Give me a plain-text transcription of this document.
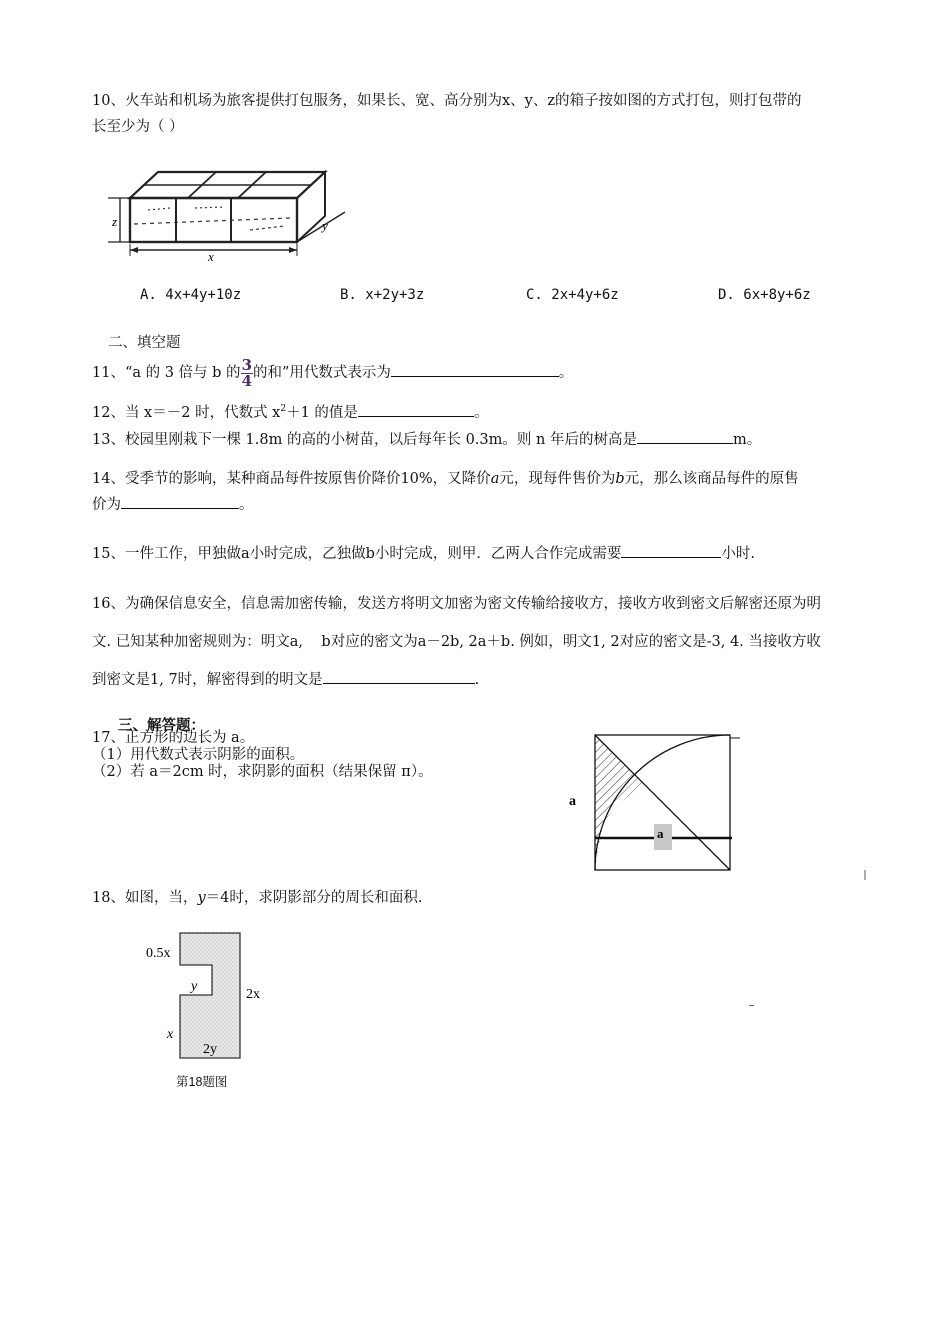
10、火车站和机场为旅客提供打包服务，如果长、宽、高分别为x、y、z的箱子按如图的方式打包，则打包带的
长至少为（ ）
z
x
y
A. 4x+4y+10z	B. x+2y+3z	C. 2x+4y+6z	D. 6x+8y+6z
二、填空题
11、“a 的 3 倍与 b 的 $\frac{3}{4}$ 的和”用代数式表示为	。
12、当 x＝－2 时，代数式 $x^2+1$ 的值是	。
13、校园里刚栽下一棵 1.8m 的高的小树苗，以后每年长 0.3m。则 n 年后的树高是	m。
14、受季节的影响，某种商品每件按原售价降价10%，又降价a元，现每件售价为b元，那么该商品每件的原售
价为	。
15、一件工作，甲独做a小时完成，乙独做b小时完成，则甲．乙两人合作完成需要	小时.
16、为确保信息安全，信息需加密传输，发送方将明文加密为密文传输给接收方，接收方收到密文后解密还原为明
文. 已知某种加密规则为：明文a,    b对应的密文为a－2b, 2a＋b. 例如，明文1, 2对应的密文是-3, 4. 当接收方收
到密文是1, 7时，解密得到的明文是	.
三、解答题：
17、正方形的边长为 a。
（1）用代数式表示阴影的面积。
（2）若 a＝2cm 时，求阴影的面积（结果保留 π）。
a
a
18、如图，当，y＝4时，求阴影部分的周长和面积.
0.5x
y
2x
x
2y
第18题图
